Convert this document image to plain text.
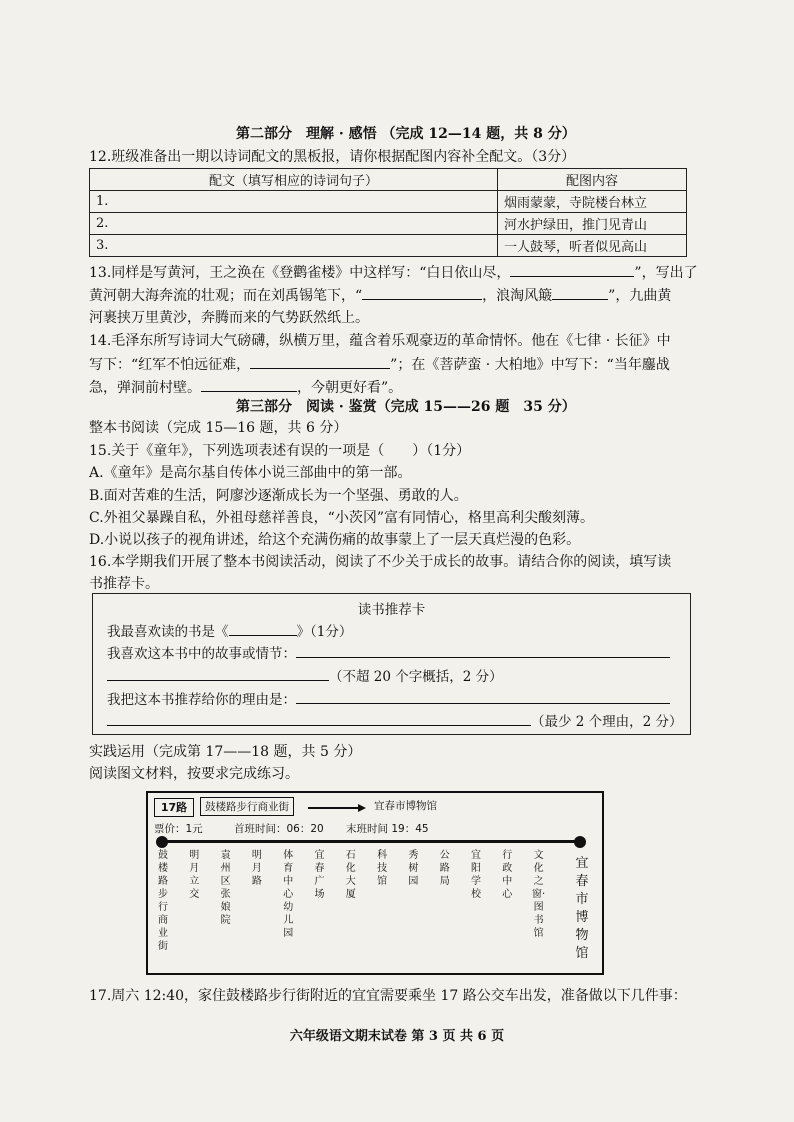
第二部分　理解 · 感悟 （完成 12—14 题，共 8 分）
12.班级准备出一期以诗词配文的黑板报，请你根据配图内容补全配文。（3分）
配文（填写相应的诗词句子）	配图内容
1.	烟雨蒙蒙，寺院楼台林立
2.	河水护绿田，推门见青山
3.	一人鼓琴，听者似见高山
13.同样是写黄河，王之涣在《登鹳雀楼》中这样写：“白日依山尽，	”，写出了
黄河朝大海奔流的壮观；而在刘禹锡笔下，“	，浪淘风簸	”，九曲黄
河裹挟万里黄沙，奔腾而来的气势跃然纸上。
14.毛泽东所写诗词大气磅礴，纵横万里，蕴含着乐观豪迈的革命情怀。他在《七律 · 长征》中
写下：“红军不怕远征难，	”；在《菩萨蛮 · 大柏地》中写下：“当年鏖战
急，弹洞前村壁。	，今朝更好看”。
第三部分　阅读 · 鉴赏（完成 15——26 题　35 分）
整本书阅读（完成 15—16 题，共 6 分）
15.关于《童年》，下列选项表述有误的一项是（　　）（1分）
A.《童年》是高尔基自传体小说三部曲中的第一部。
B.面对苦难的生活，阿廖沙逐渐成长为一个坚强、勇敢的人。
C.外祖父暴躁自私，外祖母慈祥善良，“小茨冈”富有同情心，格里高利尖酸刻薄。
D.小说以孩子的视角讲述，给这个充满伤痛的故事蒙上了一层天真烂漫的色彩。
16.本学期我们开展了整本书阅读活动，阅读了不少关于成长的故事。请结合你的阅读，填写读
书推荐卡。
读书推荐卡
我最喜欢读的书是《	》（1分）
我喜欢这本书中的故事或情节：
（不超 20 个字概括，2 分）
我把这本书推荐给你的理由是：
（最少 2 个理由，2 分）
实践运用（完成第 17——18 题，共 5 分）
阅读图文材料，按要求完成练习。
17路	鼓楼路步行商业街	宜春市博物馆
票价：1元	首班时间：06：20 末班时间 19：45
鼓楼路步行商业街
明月立交
袁州区张娘院
明月路
体育中心幼儿园
宜春广场
石化大厦
科技馆
秀树园
公路局
宜阳学校
行政中心
文化之窗·图书馆
宜春市博物馆
17.周六 12:40，家住鼓楼路步行街附近的宜宜需要乘坐 17 路公交车出发，准备做以下几件事：
六年级语文期末试卷 第 3 页 共 6 页
